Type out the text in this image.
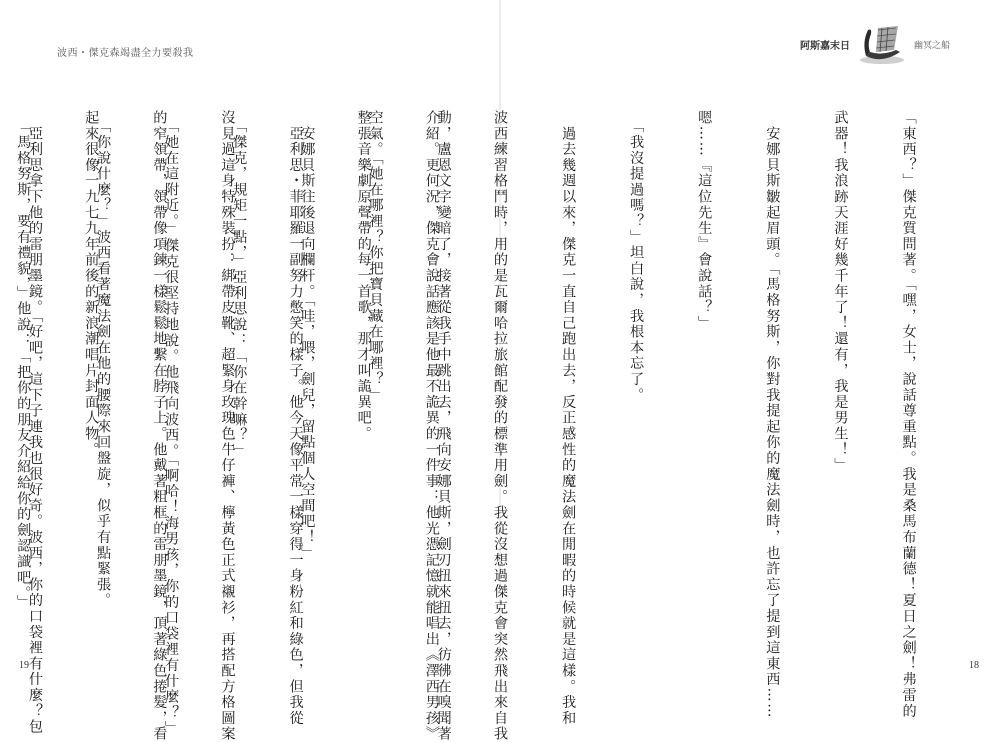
波西・傑克森竭盡全力要殺我
阿斯嘉末日	幽冥之船

「東西？」傑克質問著。「嘿，女士，說話尊重點。我是桑馬布蘭德！夏日之劍！弗雷的

武器！我浪跡天涯好幾千年了！還有，我是男生！」

　安娜貝斯皺起眉頭。「馬格努斯，你對我提起你的魔法劍時，也許忘了提到這東西……

嗯……『這位先生』會說話？」

　「我沒提過嗎？」坦白說，我根本忘了。

　過去幾週以來，傑克一直自己跑出去，反正感性的魔法劍在閒暇的時候就是這樣。我和

波西練習格鬥時，用的是瓦爾哈拉旅館配發的標準用劍。我從沒想過傑克會突然飛出來自我

介紹。更何況，傑克會說話應該是他最不詭異的一件事：他光憑記憶就能唱出《澤西男孩》

整張音樂劇原聲帶的每一首歌，那才叫詭異吧。

　亞利思・菲耶羅一副努力憋笑的樣子。他今天像平常一樣穿得一身粉紅和綠色，但我從

沒見過這身特殊裝扮：綁帶皮靴、超緊身玫瑰色牛仔褲、檸黃色正式襯衫，再搭配方格圖案

的窄領帶，領帶像項鍊一樣鬆鬆地繫在脖子上。他戴著粗框的雷朋墨鏡，頂著綠色捲髮，看

起來很像一九七九年前後的新浪潮唱片封面人物。

　「馬格努斯，要有禮貌，」他說：「把你的朋友介紹給你的劍認識吧。」

	動，盧恩文字變暗了，接著從我手中跳出去，飛向安娜貝斯，劍刃扭來扭去，彷彿在嗅聞著

空氣。「她在哪裡？你把寶貝藏在哪裡？」

　安娜貝斯往後退向欄杆。「哇，喂，劍兒，留點個人空間吧！」

　「傑克，規矩一點，」亞利思說：「你在幹嘛？」

　「她在這附近。」傑克很堅持地說。他飛向波西。「啊哈！海男孩，你的口袋裡有什麼？」

　「你說什麼？」波西看著魔法劍在他的腰際來回盤旋，似乎有點緊張。

　亞利思拿下他的雷朋墨鏡。「好吧，這下子連我也很好奇。波西，你的口袋裡有什麼？包

19	18
